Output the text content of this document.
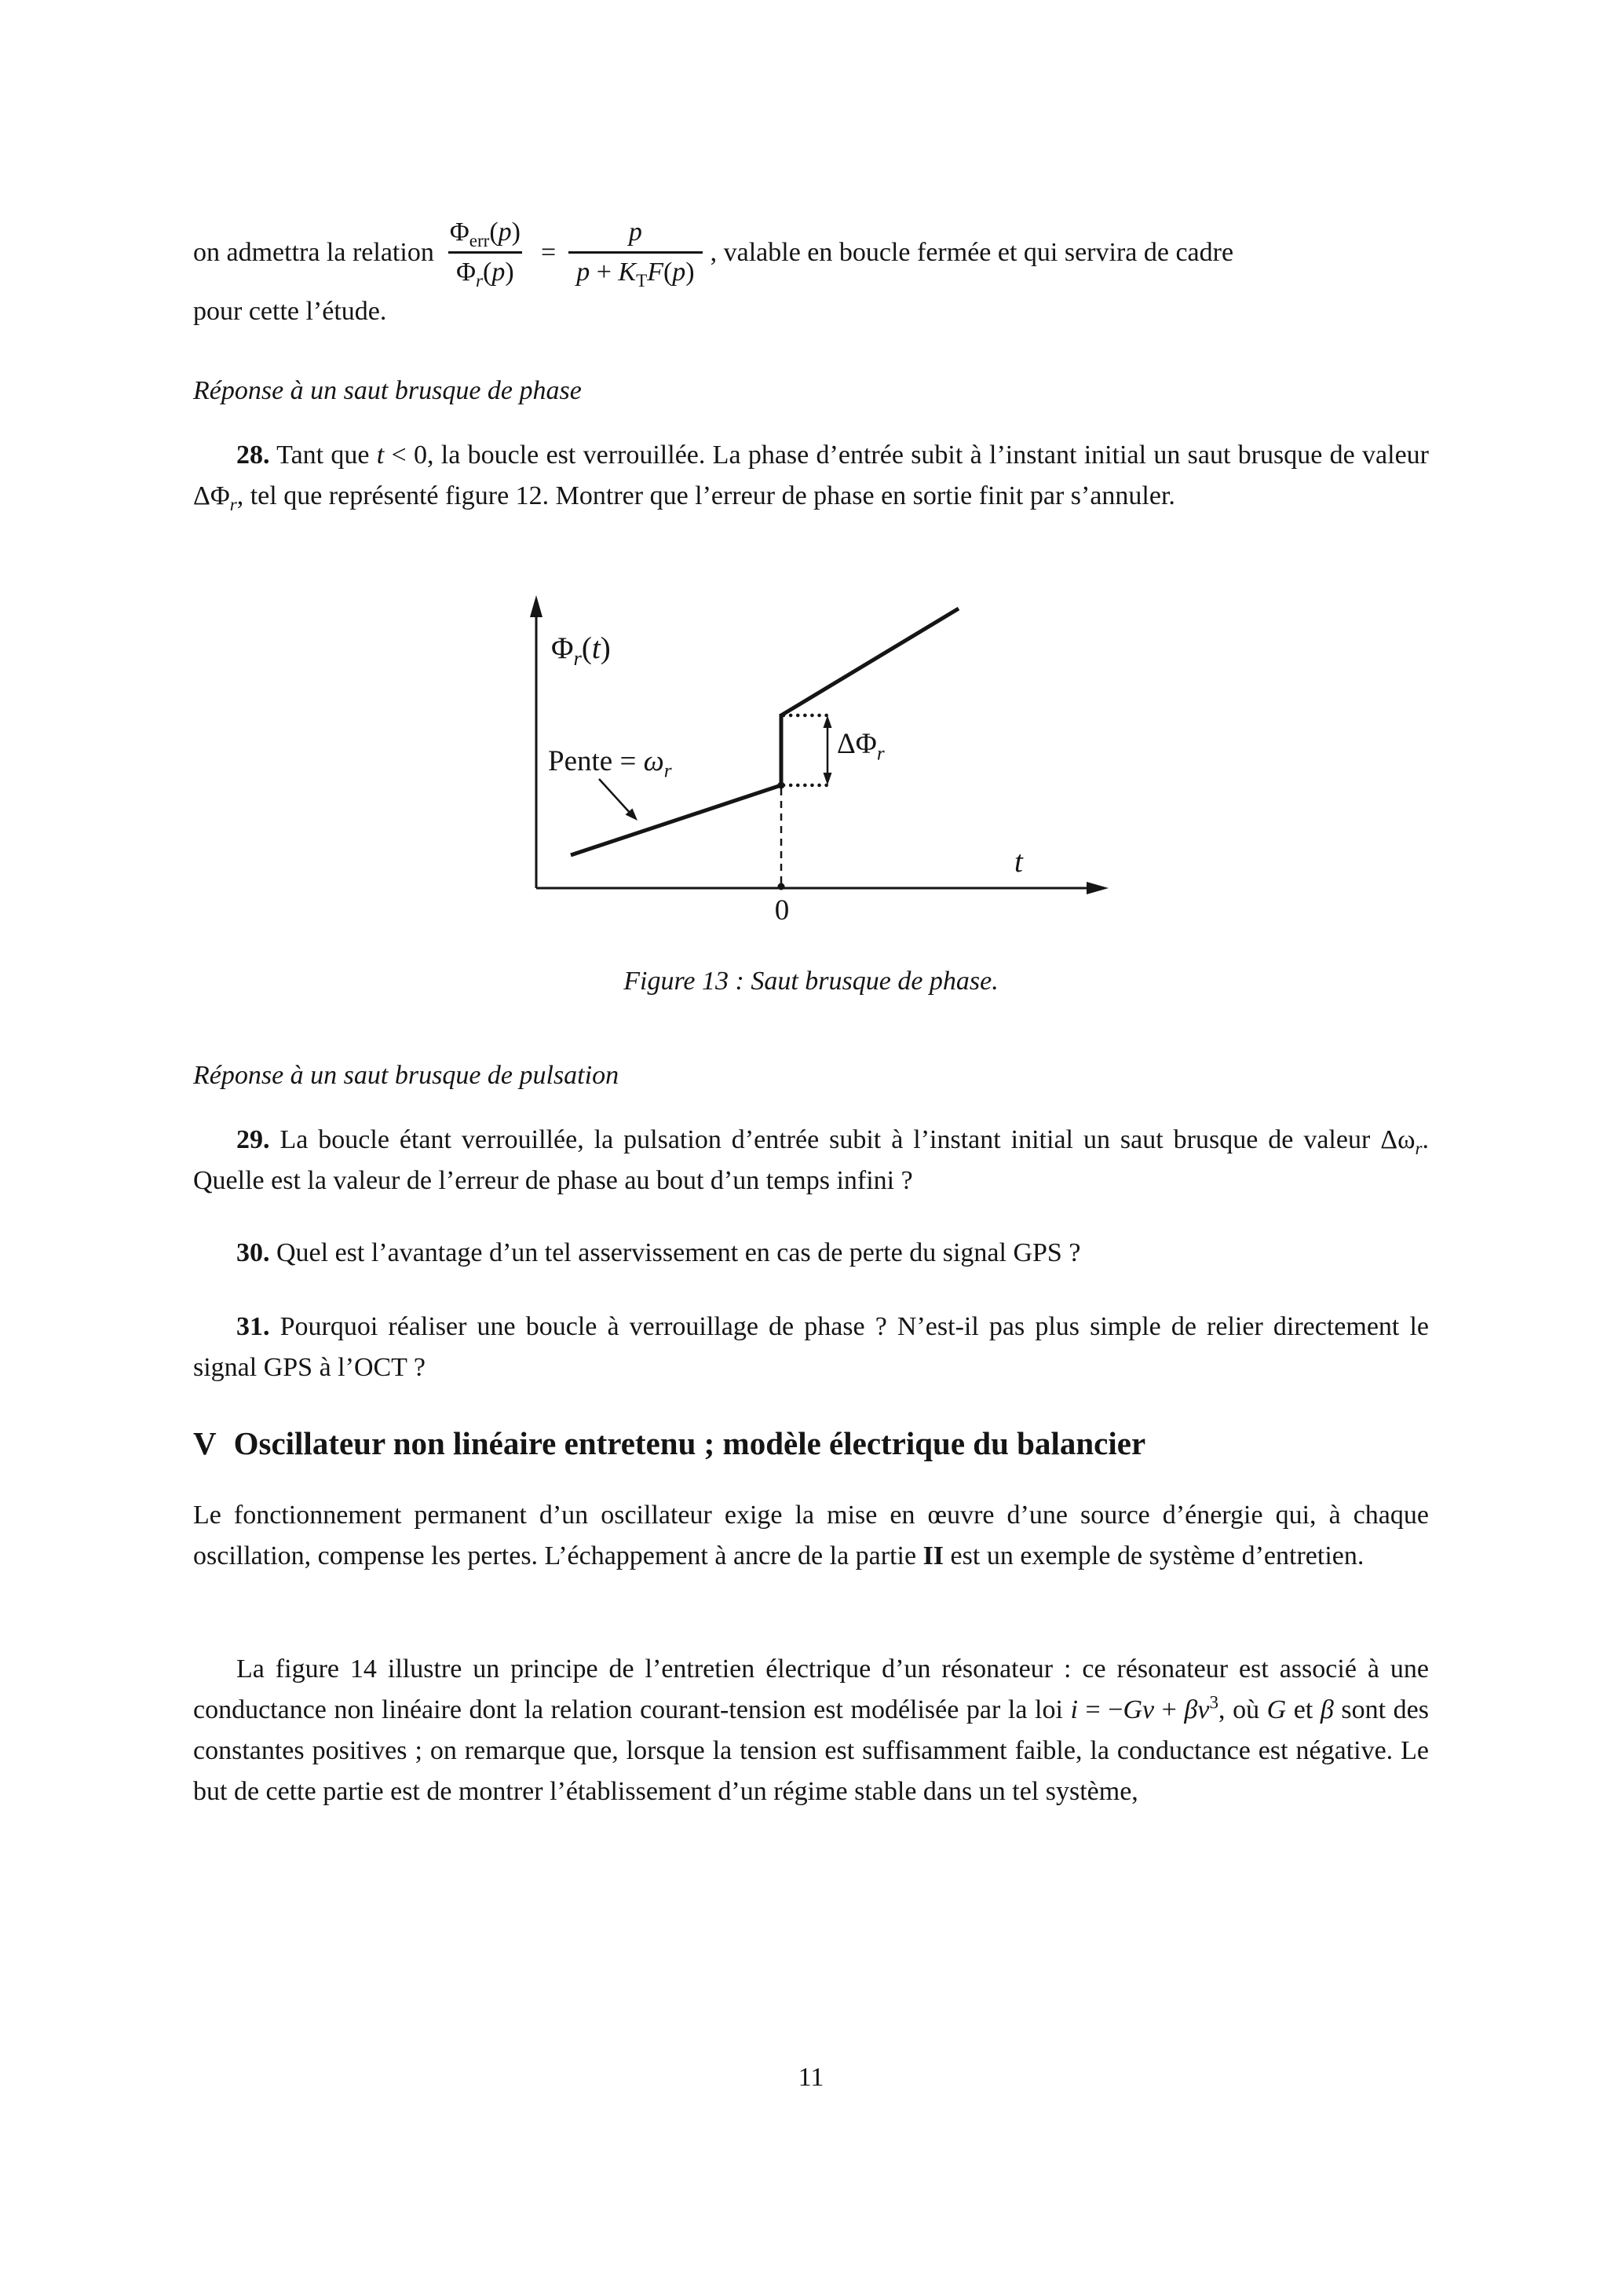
on admettra la relation $\frac{\Phi_{err}(p)}{\Phi_r(p)} = \frac{p}{p + K_TF(p)}$ , valable en boucle fermée et qui servira de cadre
pour cette l’étude.
Réponse à un saut brusque de phase
28. Tant que t < 0, la boucle est verrouillée. La phase d’entrée subit à l’instant initial un saut brusque de valeur $\Delta\Phi_r$, tel que représenté figure 12. Montrer que l’erreur de phase en sortie finit par s’annuler.
$\Phi_r(t)$
Pente = $\omega_r$
$\Delta\Phi_r$
t
0
Figure 13 : Saut brusque de phase.
Réponse à un saut brusque de pulsation
29. La boucle étant verrouillée, la pulsation d’entrée subit à l’instant initial un saut brusque de valeur $\Delta\omega_r$. Quelle est la valeur de l’erreur de phase au bout d’un temps infini ?
30. Quel est l’avantage d’un tel asservissement en cas de perte du signal GPS ?
31. Pourquoi réaliser une boucle à verrouillage de phase ? N’est-il pas plus simple de relier directement le signal GPS à l’OCT ?
V Oscillateur non linéaire entretenu ; modèle électrique du balancier
Le fonctionnement permanent d’un oscillateur exige la mise en œuvre d’une source d’énergie qui, à chaque oscillation, compense les pertes. L’échappement à ancre de la partie II est un exemple de système d’entretien.
La figure 14 illustre un principe de l’entretien électrique d’un résonateur : ce résonateur est associé à une conductance non linéaire dont la relation courant-tension est modélisée par la loi $i = -Gv + \beta v^3$, où G et β sont des constantes positives ; on remarque que, lorsque la tension est suffisamment faible, la conductance est négative. Le but de cette partie est de montrer l’établissement d’un régime stable dans un tel système,
11
